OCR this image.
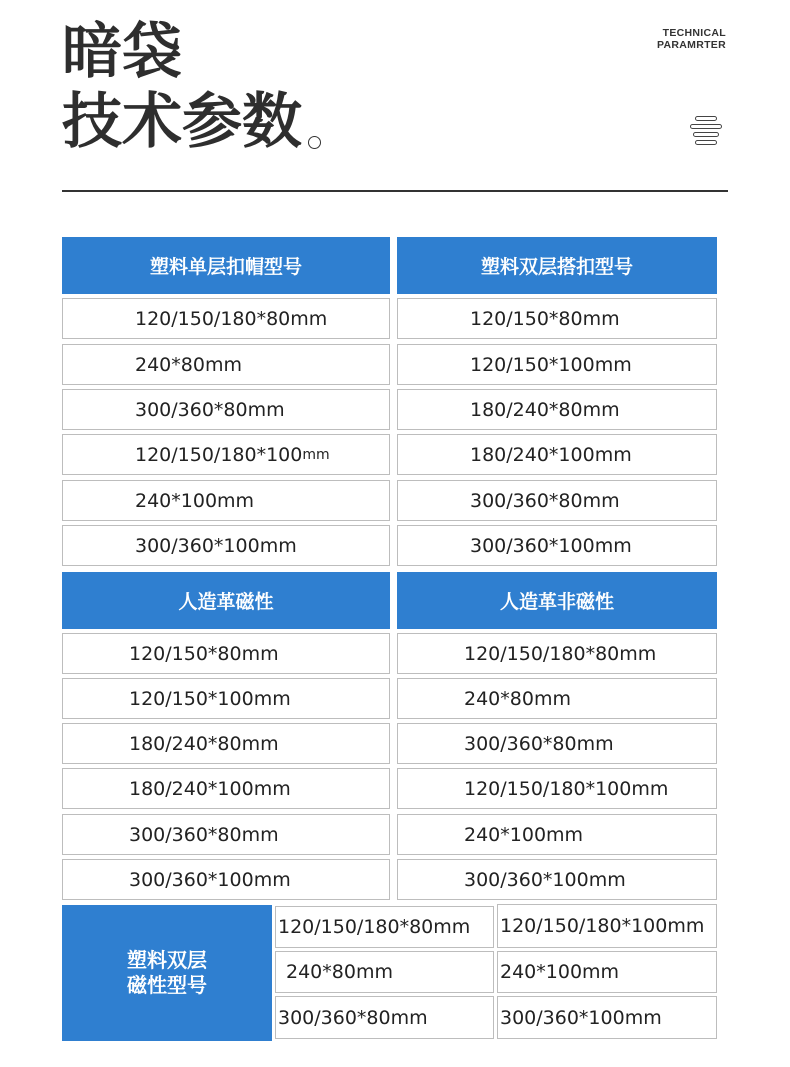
暗袋
技术参数
TECHNICAL
PARAMRTER
塑料单层扣帽型号	塑料双层搭扣型号
120/150/180*80mm
240*80mm
300/360*80mm
120/150/180*100 mm
240*100mm
300/360*100mm
120/150*80mm
120/150*100mm
180/240*80mm
180/240*100mm
300/360*80mm
300/360*100mm
人造革磁性	人造革非磁性
120/150*80mm
120/150*100mm
180/240*80mm
180/240*100mm
300/360*80mm
300/360*100mm
120/150/180*80mm
240*80mm
300/360*80mm
120/150/180*100mm
240*100mm
300/360*100mm
塑料双层
磁性型号
120/150/180*80mm
240*80mm
300/360*80mm
120/150/180*100mm
240*100mm
300/360*100mm
